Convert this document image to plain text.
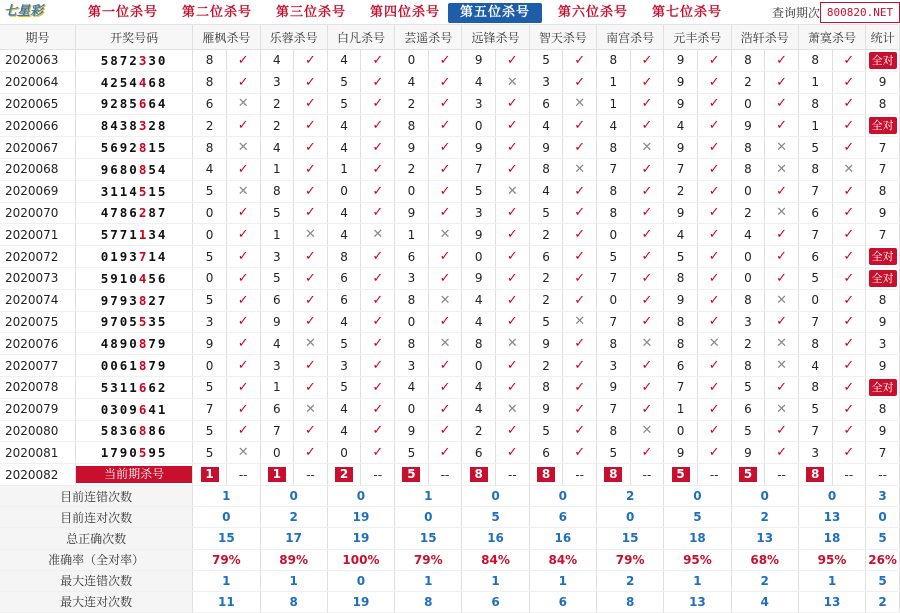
七星彩	第一位杀号	第二位杀号	第三位杀号	第四位杀号	第五位杀号	第六位杀号	第七位杀号	查询期次 800820.NET
期号	开奖号码	雁枫杀号		乐蓉杀号		白凡杀号		芸遥杀号		远锋杀号		智天杀号		南宫杀号		元丰杀号		浩轩杀号		萧寞杀号		统计
2020063	5872330	8	✓	4	✓	4	✓	0	✓	9	✓	5	✓	8	✓	9	✓	8	✓	8	✓	全对
2020064	4254468	8	✓	3	✓	5	✓	4	✓	4	✕	3	✓	1	✓	9	✓	2	✓	1	✓	9
2020065	9285664	6	✕	2	✓	5	✓	2	✓	3	✓	6	✕	1	✓	9	✓	0	✓	8	✓	8
2020066	8438328	2	✓	2	✓	4	✓	8	✓	0	✓	4	✓	4	✓	4	✓	9	✓	1	✓	全对
2020067	5692815	8	✕	4	✓	4	✓	9	✓	9	✓	9	✓	8	✕	9	✓	8	✕	5	✓	7
2020068	9680854	4	✓	1	✓	1	✓	2	✓	7	✓	8	✕	7	✓	7	✓	8	✕	8	✕	7
2020069	3114515	5	✕	8	✓	0	✓	0	✓	5	✕	4	✓	8	✓	2	✓	0	✓	7	✓	8
2020070	4786287	0	✓	5	✓	4	✓	9	✓	3	✓	5	✓	8	✓	9	✓	2	✕	6	✓	9
2020071	5771134	0	✓	1	✕	4	✕	1	✕	9	✓	2	✓	0	✓	4	✓	4	✓	7	✓	7
2020072	0193714	5	✓	3	✓	8	✓	6	✓	0	✓	6	✓	5	✓	5	✓	0	✓	6	✓	全对
2020073	5910456	0	✓	5	✓	6	✓	3	✓	9	✓	2	✓	7	✓	8	✓	0	✓	5	✓	全对
2020074	9793827	5	✓	6	✓	6	✓	8	✕	4	✓	2	✓	0	✓	9	✓	8	✕	0	✓	8
2020075	9705535	3	✓	9	✓	4	✓	0	✓	4	✓	5	✕	7	✓	8	✓	3	✓	7	✓	9
2020076	4890879	9	✓	4	✕	5	✓	8	✕	8	✕	9	✓	8	✕	8	✕	2	✕	8	✓	3
2020077	0061879	0	✓	3	✓	3	✓	3	✓	0	✓	2	✓	3	✓	6	✓	8	✕	4	✓	9
2020078	5311662	5	✓	1	✓	5	✓	4	✓	4	✓	8	✓	9	✓	7	✓	5	✓	8	✓	全对
2020079	0309641	7	✓	6	✕	4	✓	0	✓	4	✕	9	✓	7	✓	1	✓	6	✕	5	✓	8
2020080	5836886	5	✓	7	✓	4	✓	9	✓	2	✓	5	✓	8	✕	0	✓	5	✓	7	✓	9
2020081	1790595	5	✕	0	✓	0	✓	5	✓	6	✓	6	✓	5	✓	9	✓	9	✓	3	✓	7
2020082	当前期杀号	1	--	1	--	2	--	5	--	8	--	8	--	8	--	5	--	5	--	8	--	--
目前连错次数		1		0		0		1		0		0		2		0		0		0		3
目前连对次数		0		2		19		0		5		6		0		5		2		13		0
总正确次数		15		17		19		15		16		16		15		18		13		18		5
准确率（全对率）		79%		89%		100%		79%		84%		84%		79%		95%		68%		95%		26%
最大连错次数		1		1		0		1		1		1		2		1		2		1		5
最大连对次数		11		8		19		8		6		6		8		13		4		13		2
